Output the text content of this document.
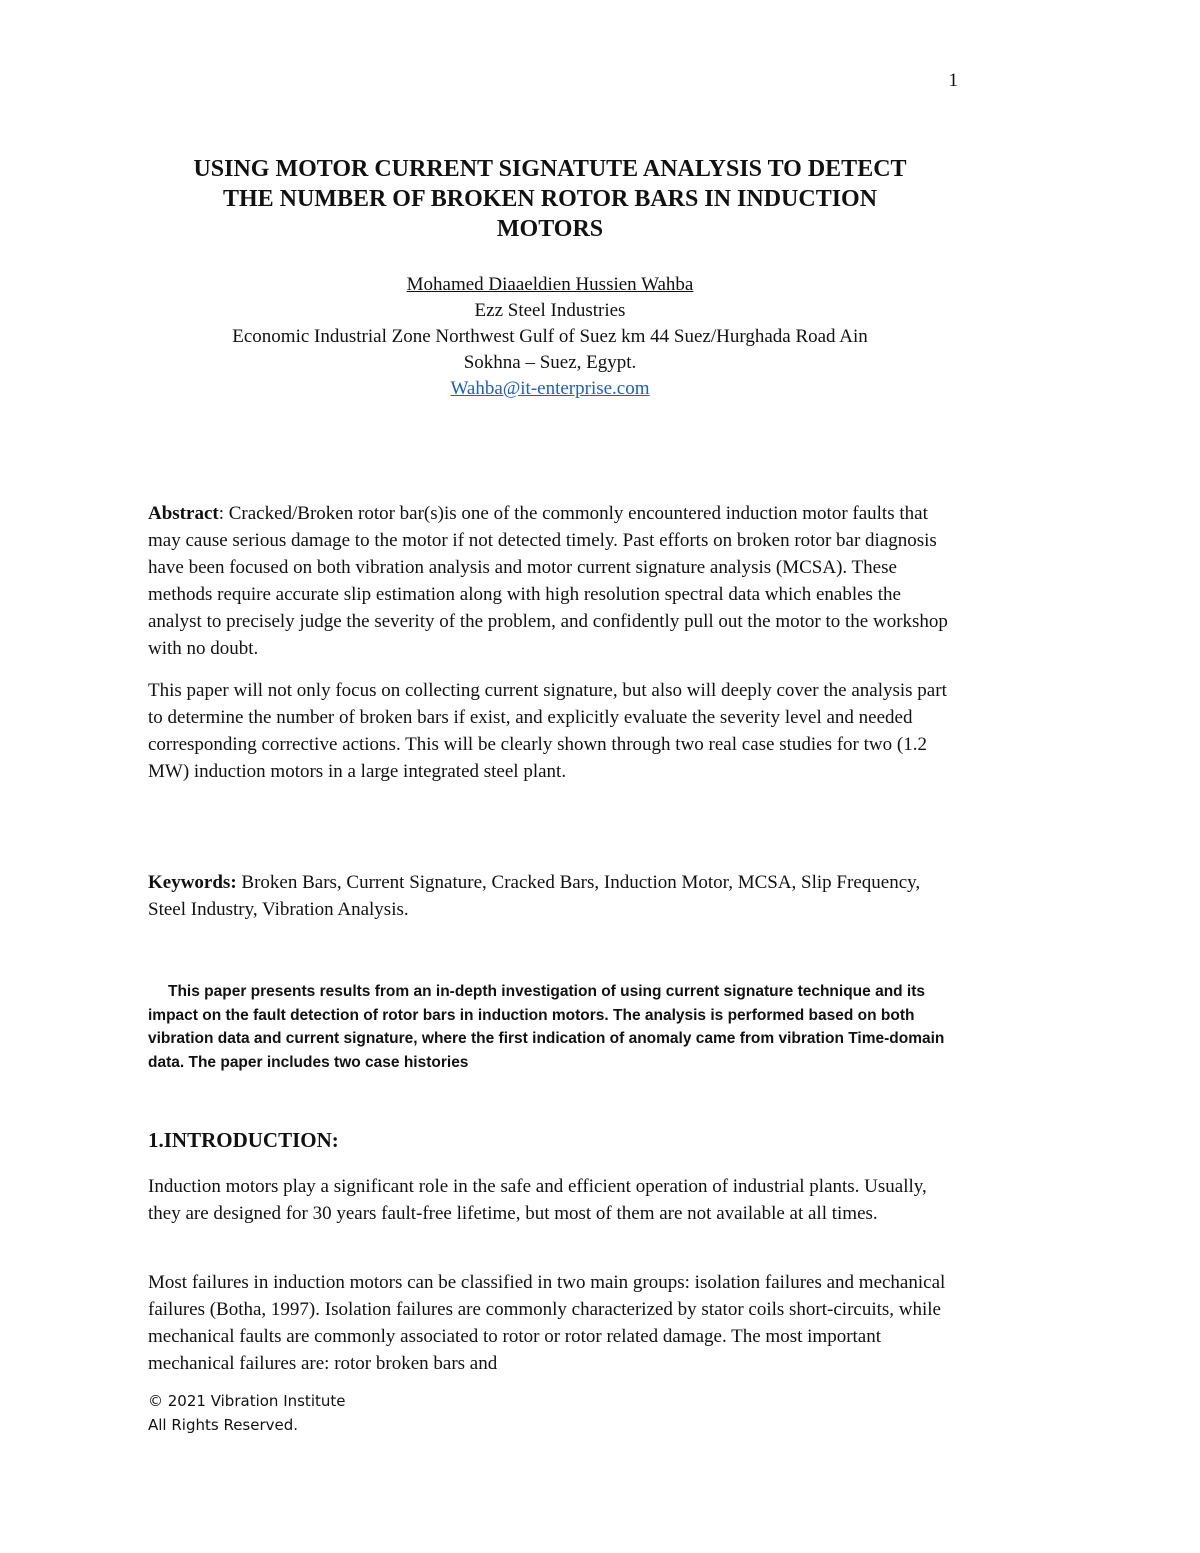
1
USING MOTOR CURRENT SIGNATUTE ANALYSIS TO DETECT
THE NUMBER OF BROKEN ROTOR BARS IN INDUCTION
MOTORS
Mohamed Diaaeldien Hussien Wahba
Ezz Steel Industries
Economic Industrial Zone Northwest Gulf of Suez km 44 Suez/Hurghada Road Ain
Sokhna – Suez, Egypt.
Wahba@it-enterprise.com

Abstract: Cracked/Broken rotor bar(s)is one of the commonly encountered induction motor faults that may cause serious damage to the motor if not detected timely. Past efforts on broken rotor bar diagnosis have been focused on both vibration analysis and motor current signature analysis (MCSA). These methods require accurate slip estimation along with high resolution spectral data which enables the analyst to precisely judge the severity of the problem, and confidently pull out the motor to the workshop with no doubt.

This paper will not only focus on collecting current signature, but also will deeply cover the analysis part to determine the number of broken bars if exist, and explicitly evaluate the severity level and needed corresponding corrective actions. This will be clearly shown through two real case studies for two (1.2 MW) induction motors in a large integrated steel plant.

Keywords: Broken Bars, Current Signature, Cracked Bars, Induction Motor, MCSA, Slip Frequency, Steel Industry, Vibration Analysis.

This paper presents results from an in-depth investigation of using current signature technique and its impact on the fault detection of rotor bars in induction motors. The analysis is performed based on both vibration data and current signature, where the first indication of anomaly came from vibration Time-domain data. The paper includes two case histories

1.INTRODUCTION:

Induction motors play a significant role in the safe and efficient operation of industrial plants. Usually, they are designed for 30 years fault-free lifetime, but most of them are not available at all times.

Most failures in induction motors can be classified in two main groups: isolation failures and mechanical failures (Botha, 1997). Isolation failures are commonly characterized by stator coils short-circuits, while mechanical faults are commonly associated to rotor or rotor related damage. The most important mechanical failures are: rotor broken bars and

© 2021 Vibration Institute
All Rights Reserved.
